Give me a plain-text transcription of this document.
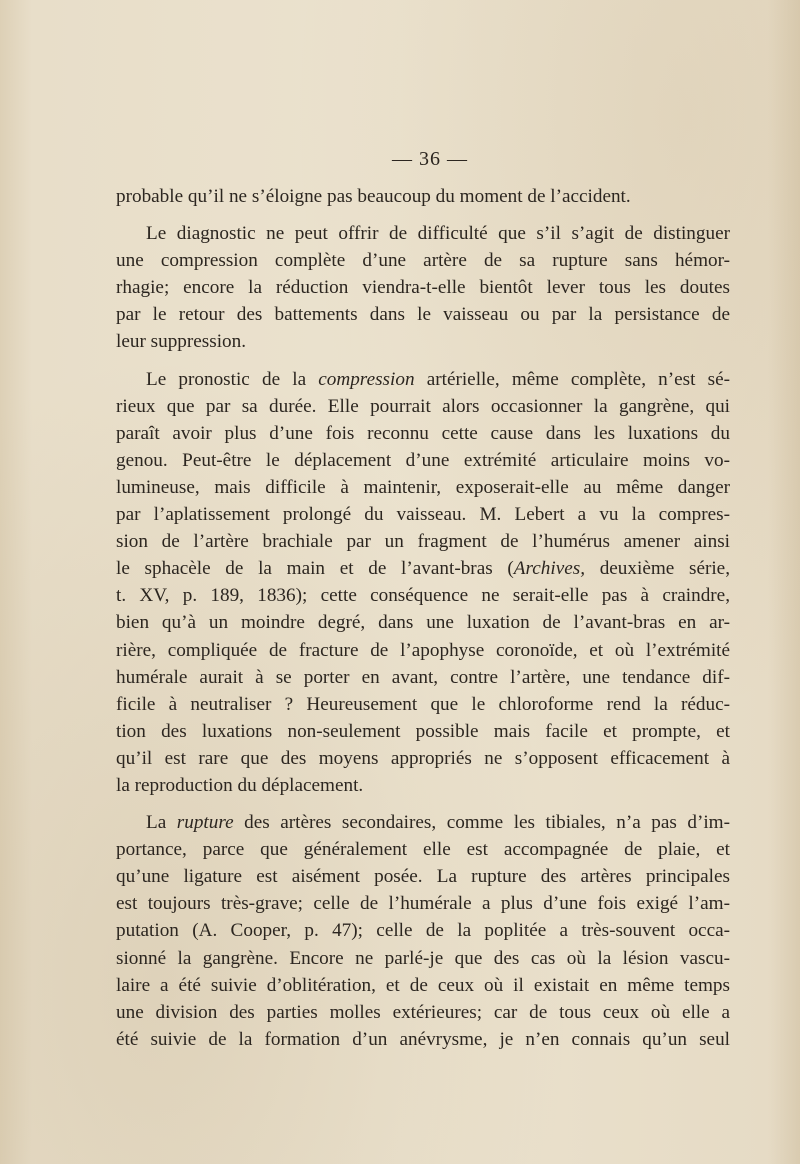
— 36 —

probable qu’il ne s’éloigne pas beaucoup du moment de l’accident.

Le diagnostic ne peut offrir de difficulté que s’il s’agit de distinguer
une compression complète d’une artère de sa rupture sans hémor-
rhagie; encore la réduction viendra-t-elle bientôt lever tous les doutes
par le retour des battements dans le vaisseau ou par la persistance de
leur suppression.

Le pronostic de la compression artérielle, même complète, n’est sé-
rieux que par sa durée. Elle pourrait alors occasionner la gangrène, qui
paraît avoir plus d’une fois reconnu cette cause dans les luxations du
genou. Peut-être le déplacement d’une extrémité articulaire moins vo-
lumineuse, mais difficile à maintenir, exposerait-elle au même danger
par l’aplatissement prolongé du vaisseau. M. Lebert a vu la compres-
sion de l’artère brachiale par un fragment de l’humérus amener ainsi
le sphacèle de la main et de l’avant-bras (Archives, deuxième série,
t. XV, p. 189, 1836); cette conséquence ne serait-elle pas à craindre,
bien qu’à un moindre degré, dans une luxation de l’avant-bras en ar-
rière, compliquée de fracture de l’apophyse coronoïde, et où l’extrémité
humérale aurait à se porter en avant, contre l’artère, une tendance dif-
ficile à neutraliser ? Heureusement que le chloroforme rend la réduc-
tion des luxations non-seulement possible mais facile et prompte, et
qu’il est rare que des moyens appropriés ne s’opposent efficacement à
la reproduction du déplacement.

La rupture des artères secondaires, comme les tibiales, n’a pas d’im-
portance, parce que généralement elle est accompagnée de plaie, et
qu’une ligature est aisément posée. La rupture des artères principales
est toujours très-grave; celle de l’humérale a plus d’une fois exigé l’am-
putation (A. Cooper, p. 47); celle de la poplitée a très-souvent occa-
sionné la gangrène. Encore ne parlé-je que des cas où la lésion vascu-
laire a été suivie d’oblitération, et de ceux où il existait en même temps
une division des parties molles extérieures; car de tous ceux où elle a
été suivie de la formation d’un anévrysme, je n’en connais qu’un seul
